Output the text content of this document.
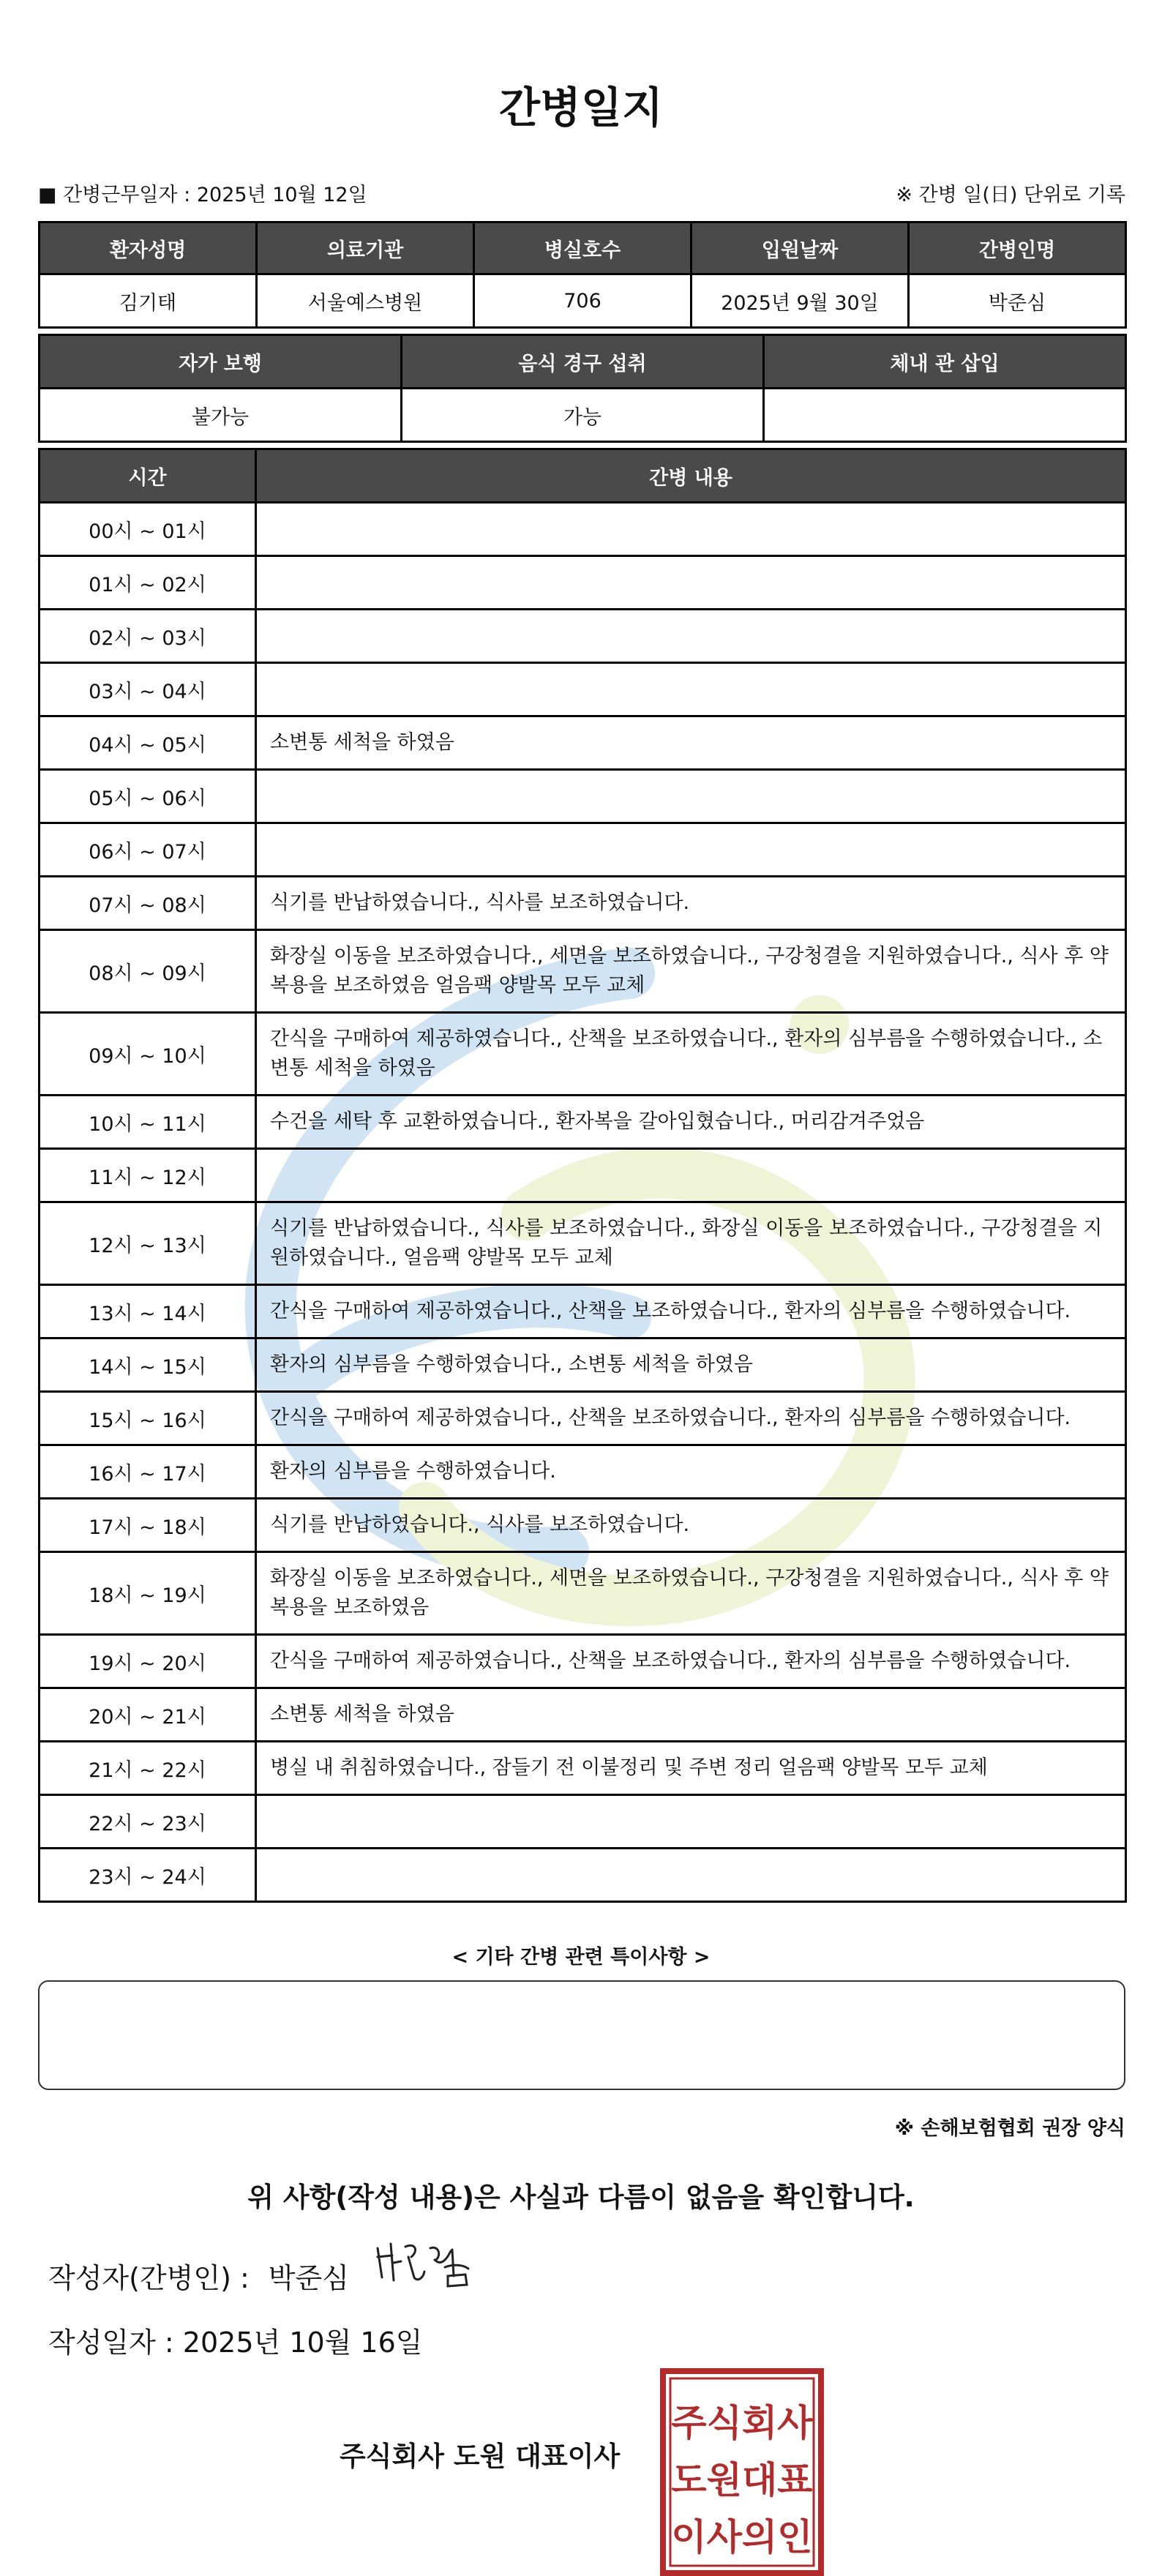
간병일지
■ 간병근무일자 : 2025년 10월 12일	※ 간병 일(日) 단위로 기록
환자성명	의료기관	병실호수	입원날짜	간병인명
김기태	서울예스병원	706	2025년 9월 30일	박준심
자가 보행	음식 경구 섭취	체내 관 삽입
불가능	가능	
시간	간병 내용
00시 ~ 01시	
01시 ~ 02시	
02시 ~ 03시	
03시 ~ 04시	
04시 ~ 05시	소변통 세척을 하였음
05시 ~ 06시	
06시 ~ 07시	
07시 ~ 08시	식기를 반납하였습니다., 식사를 보조하였습니다.
08시 ~ 09시	화장실 이동을 보조하였습니다., 세면을 보조하였습니다., 구강청결을 지원하였습니다., 식사 후 약 복용을 보조하였음 얼음팩 양발목 모두 교체
09시 ~ 10시	간식을 구매하여 제공하였습니다., 산책을 보조하였습니다., 환자의 심부름을 수행하였습니다., 소변통 세척을 하였음
10시 ~ 11시	수건을 세탁 후 교환하였습니다., 환자복을 갈아입혔습니다., 머리감겨주었음
11시 ~ 12시	
12시 ~ 13시	식기를 반납하였습니다., 식사를 보조하였습니다., 화장실 이동을 보조하였습니다., 구강청결을 지원하였습니다., 얼음팩 양발목 모두 교체
13시 ~ 14시	간식을 구매하여 제공하였습니다., 산책을 보조하였습니다., 환자의 심부름을 수행하였습니다.
14시 ~ 15시	환자의 심부름을 수행하였습니다., 소변통 세척을 하였음
15시 ~ 16시	간식을 구매하여 제공하였습니다., 산책을 보조하였습니다., 환자의 심부름을 수행하였습니다.
16시 ~ 17시	환자의 심부름을 수행하였습니다.
17시 ~ 18시	식기를 반납하였습니다., 식사를 보조하였습니다.
18시 ~ 19시	화장실 이동을 보조하였습니다., 세면을 보조하였습니다., 구강청결을 지원하였습니다., 식사 후 약 복용을 보조하였음
19시 ~ 20시	간식을 구매하여 제공하였습니다., 산책을 보조하였습니다., 환자의 심부름을 수행하였습니다.
20시 ~ 21시	소변통 세척을 하였음
21시 ~ 22시	병실 내 취침하였습니다., 잠들기 전 이불정리 및 주변 정리 얼음팩 양발목 모두 교체
22시 ~ 23시	
23시 ~ 24시	
< 기타 간병 관련 특이사항 >
※ 손해보험협회 권장 양식
위 사항(작성 내용)은 사실과 다름이 없음을 확인합니다.
작성자(간병인) : 박준심
작성일자 : 2025년 10월 16일
주식회사 도원 대표이사
주식회사
도원대표
이사의인
